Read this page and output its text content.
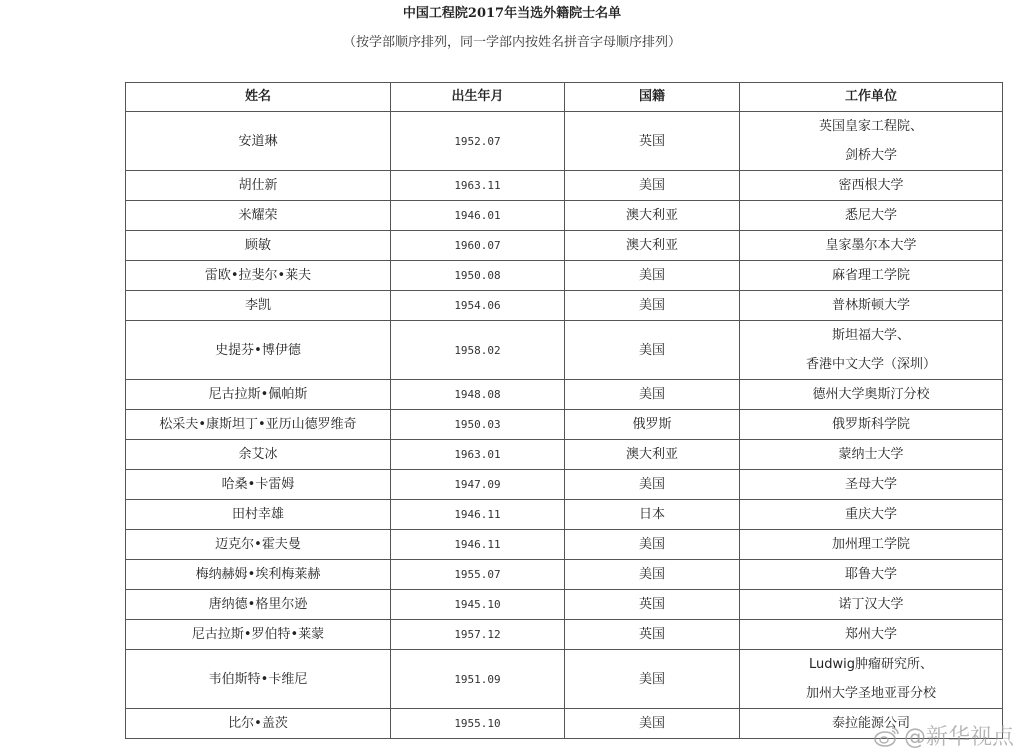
中国工程院2017年当选外籍院士名单
（按学部顺序排列，同一学部内按姓名拼音字母顺序排列）
姓名	出生年月	国籍	工作单位
安道琳	1952.07	英国	英国皇家工程院、
剑桥大学

胡仕新	1963.11	美国	密西根大学

米耀荣	1946.01	澳大利亚	悉尼大学

顾敏	1960.07	澳大利亚	皇家墨尔本大学

雷欧•拉斐尔•莱夫	1950.08	美国	麻省理工学院

李凯	1954.06	美国	普林斯顿大学

史提芬•博伊德	1958.02	美国	斯坦福大学、
香港中文大学（深圳）

尼古拉斯•佩帕斯	1948.08	美国	德州大学奥斯汀分校

松采夫•康斯坦丁•亚历山德罗维奇	1950.03	俄罗斯	俄罗斯科学院

余艾冰	1963.01	澳大利亚	蒙纳士大学

哈桑•卡雷姆	1947.09	美国	圣母大学

田村幸雄	1946.11	日本	重庆大学

迈克尔•霍夫曼	1946.11	美国	加州理工学院

梅纳赫姆•埃利梅莱赫	1955.07	美国	耶鲁大学

唐纳德•格里尔逊	1945.10	英国	诺丁汉大学

尼古拉斯•罗伯特•莱蒙	1957.12	英国	郑州大学

韦伯斯特•卡维尼	1951.09	美国	Ludwig肿瘤研究所、
加州大学圣地亚哥分校

比尔•盖茨	1955.10	美国	泰拉能源公司
@新华视点
